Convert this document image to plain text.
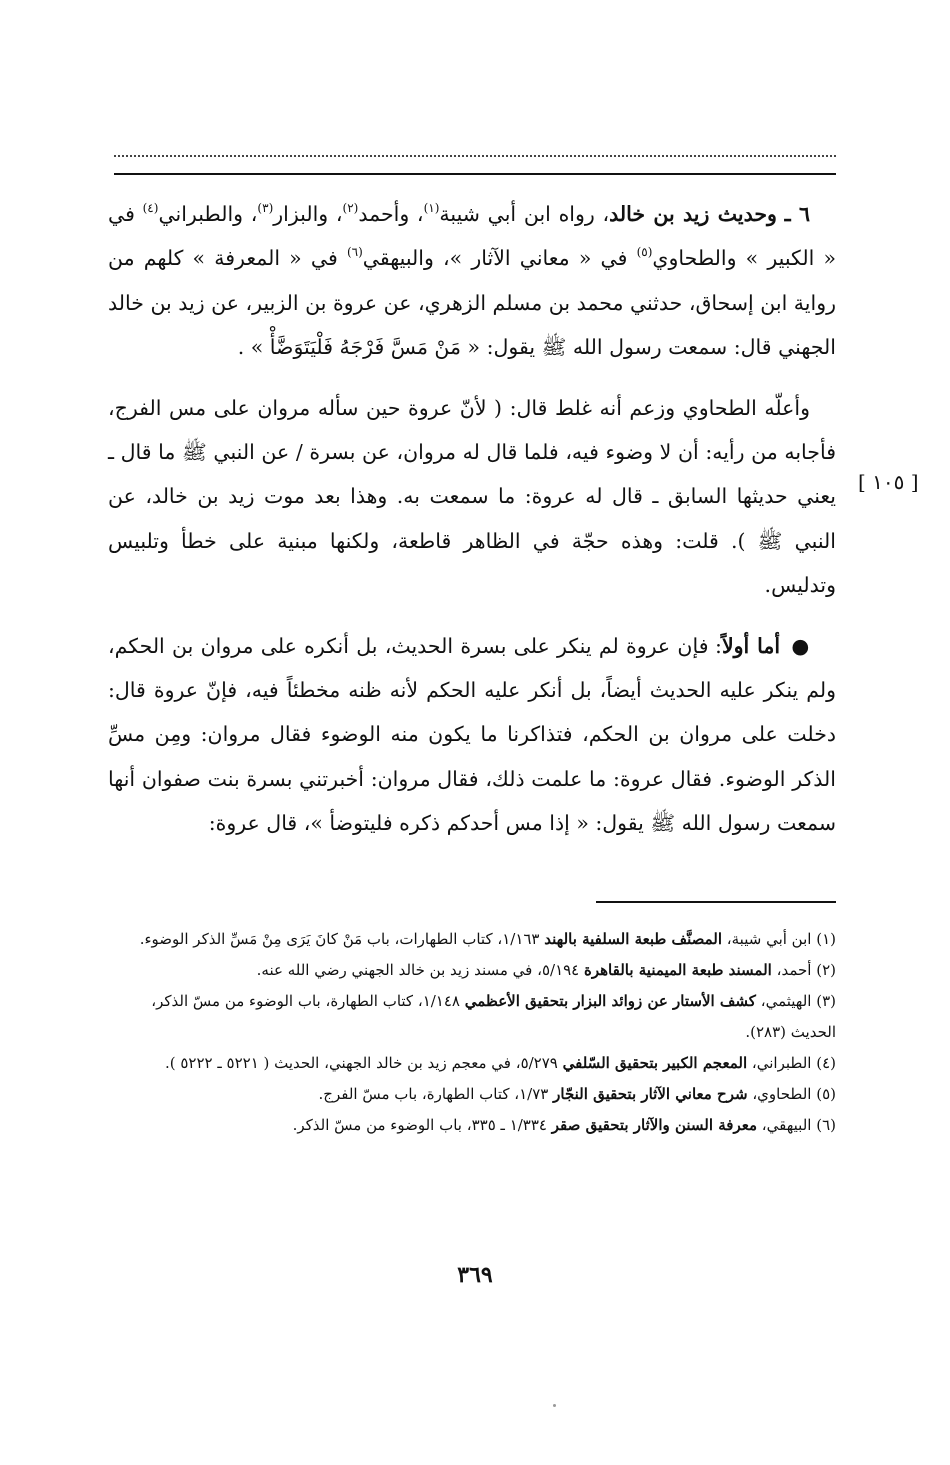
٦ ـ وحديث زيد بن خالد، رواه ابن أبي شيبة$^{(١)}$، وأحمد$^{(٢)}$، والبزار$^{(٣)}$، والطبراني$^{(٤)}$ في « الكبير » والطحاوي$^{(٥)}$ في « معاني الآثار »، والبيهقي$^{(٦)}$ في « المعرفة » كلهم من رواية ابن إسحاق، حدثني محمد بن مسلم الزهري، عن عروة بن الزبير، عن زيد بن خالد الجهني قال: سمعت رسول الله ﷺ يقول: « مَنْ مَسَّ فَرْجَهُ فَلْيَتَوَضَّأْ » .

وأعلّه الطحاوي وزعم أنه غلط قال: ( لأنّ عروة حين سأله مروان على مس الفرج، فأجابه من رأيه: أن لا وضوء فيه، فلما قال له مروان، عن بسرة / عن النبي ﷺ ما قال ـ يعني حديثها السابق ـ قال له عروة: ما سمعت به. وهذا بعد موت زيد بن خالد، عن النبي ﷺ ). قلت: وهذه حجّة في الظاهر قاطعة، ولكنها مبنية على خطأ وتلبيس وتدليس.

● أما أولاً: فإن عروة لم ينكر على بسرة الحديث، بل أنكره على مروان بن الحكم، ولم ينكر عليه الحديث أيضاً، بل أنكر عليه الحكم لأنه ظنه مخطئاً فيه، فإنّ عروة قال: دخلت على مروان بن الحكم، فتذاكرنا ما يكون منه الوضوء فقال مروان: ومِن مسِّ الذكر الوضوء. فقال عروة: ما علمت ذلك، فقال مروان: أخبرتني بسرة بنت صفوان أنها سمعت رسول الله ﷺ يقول: « إذا مس أحدكم ذكره فليتوضأ »، قال عروة:

[ ١٠٥ ]

(١) ابن أبي شيبة، المصنَّف طبعة السلفية بالهند ١/١٦٣، كتاب الطهارات، باب مَنْ كانَ يَرَى مِنْ مَسِّ الذكر الوضوء.

(٢) أحمد، المسند طبعة الميمنية بالقاهرة ٥/١٩٤، في مسند زيد بن خالد الجهني رضي الله عنه.

(٣) الهيثمي، كشف الأستار عن زوائد البزار بتحقيق الأعظمي ١/١٤٨، كتاب الطهارة، باب الوضوء من مسّ الذكر، الحديث (٢٨٣).

(٤) الطبراني، المعجم الكبير بتحقيق السّلفي ٥/٢٧٩، في معجم زيد بن خالد الجهني، الحديث ( ٥٢٢١ ـ ٥٢٢٢ ).

(٥) الطحاوي، شرح معاني الآثار بتحقيق النجّار ١/٧٣، كتاب الطهارة، باب مسّ الفرج.

(٦) البيهقي، معرفة السنن والآثار بتحقيق صقر ١/٣٣٤ ـ ٣٣٥، باب الوضوء من مسّ الذكر.

٣٦٩
